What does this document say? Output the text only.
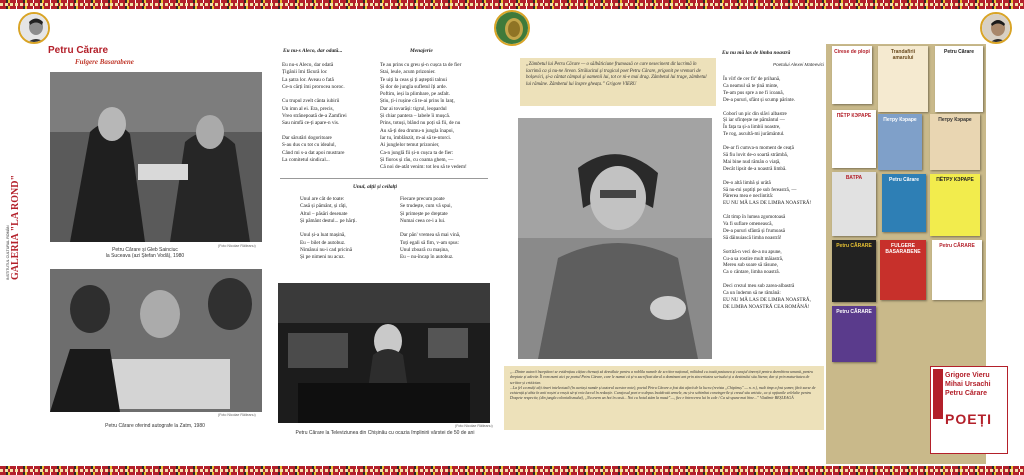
INSTITUTUL CULTURAL ROMÂN GALERIA "LA ROND"
Petru Cărare
Fulgere Basarabene
(Foto Nicolae Răileanu)
Petru Cărare și Gleb Sainciuc
la Suceava (azi Ștefan Vodă), 1980
(Foto Nicolae Răileanu)
Petru Cărare oferind autografe la Zatm, 1980
Eu nu-s Aleco, dar odată...
Eu nu-s Aleco, dar odată
Țigănii îmi făcură loc
La șatra lor. Aveau o fată
Ce-n cărți îmi prorocea noroc.

Cu trupul zvelt cânta iubirii
Un imn al ei. Era, precis,
Vreo strănepoată de-a Zamfirei
Sau nimfă ce-ți apare-n vis.

Dar sărutări dogoritoare
S-au dus cu tot cu idealul,
Când mi s-a dat apoi mustrare
La comitetul sindical...
Menajerie
Te au prins cu greu și-n cușca ta de fier
Stai, leule, acum prizonier.
Te uiți la ceas și ți așteptii talnui
Și dor de jungla sufletul îți arde.
Poftim, ieși la plimbare, pe asfalt.
Știu, ți-i rușine că te-ai prins în lanț,
Dar ai tovarăși: tigrul, leopardul
Și chiar pantera – labele îi mușcă.
Prins, totuși, blând nu poți să fii, de nu
Au să-ți dea drumu-n jungla înapoi,
Iar tu, îmblânzit, m-ai să te-ntorci.
Ai junglelor temut prizonier,
Ca-n junglă fii și-n cușca ta de fier:
Și fioros și rău, cu coama ghem, —
Că noi de-atât venim: tot leu să te vedem!
Unul, alții și ceilalți
Unul are cât de toate:
Casă și pământ, și răți,
Altul – păsări desenate
Și pământ destul... pe hărți.

Unul și-a luat mașină,
Eu – bilet de autobuz.
Nimănui nu-i cad pricină
Și pe nimeni nu acuz.
Fiecare precum poate
Se trudește, cum vă spui,
Și primește pe dreptate
Numai ceea ce-i a lui.

Dar păn' vremea să mai vină,
Toți egali să fim, v-am spus:
Unul zboară cu mașina,
Eu – nu-încap în autobuz.
(Foto Nicolae Răileanu)
Petru Cărare la Televiziunea din Chișinău cu ocazia împlinirii vârstei de 50 de ani
„Zâmbetul lui Petru Cărare — o sălbăticiune frumoasă ce care nesecinent dit lacrimă în lacrimă ca și nu-ne lireon. Strălucitul și tragicul poet Petru Cărare, prigonit pe vremuri de bolșevici, și-a cântat câmpul și oamenii lui, tot ce ni-e mai drag. Zâmbetul lui trage, zâmbetul lui rămâne. Zâmbetul lui înspre gheața.” Grigore VIERU
Eu nu mă las de limba noastră
Poetului Alexei Mateevici
În vîrf de cer fir' de prihană,
Ca neamul să te țină minte,
Te-am pus spre a ne fi icoană,
De-a pururi, sfânt și scump părinte.

Coborî un pic din slăvi albastre
Și iar sfințește ne pământul —
În fața ta și-a limbii noastre,
Te rog, ascultă-mi jurământul.

De-ar fi cumva-n moment de ceață
Să fiu lovit de-o soartă strâmbă,
Mai bine nud rămân o viață,
Decât lipsit de-a noastră limbă.

De-o altă limbă și urâtă
Să nu-mi șoptiți pe sub fereastră, —
Părerea mea e neclintită:
EU NU MĂ LAS DE LIMBA NOASTRĂ!

Cât timp în lumea zgomotoasă
Va fi suflare omenească,
De-a pururi sfântă și frumoasă
Să dăinuiască limba noastră!

Sortită-n veci de-a nu apune,
Cu-a sa rostire mult măiastră,
Mereu sub soare să răsune,
Ca o cântare, limba noastră.

Deci crezul meu sub zarea-albastră
Ca un îndemn să ne rămână:
EU NU MĂ LAS DE LIMBA NOASTRĂ,
DE LIMBA NOASTRĂ CEA ROMÂNĂ!
„...Dintre autorii începători se evidențiau câțiva chemați să dezvăluie pentru a noblila numele de scriitor național, militând cu toată pasiunea și curajul tinereții pentru dezrobirea umană, pentru dreptate și adevăr. Îl vom numi aici pe poetul Petru Cărare, care le numai că și-a sacrificat darul a dominant ant prin sinceritatea scrisului și a destinului său literar, dar și prin maturitatea de scriitor și crtitician.
...La fel ca mulți alți tineri intelectuali (în aceiași număr și autorul acestor note), poetul Petru Cărare a fost dat afară de la lucru (revista „Chipăruș" — n. n.), mult timp a fost șomer, fără surse de existență și abia în anii noștri a reușit să-și reia lucrul în redacție. Curajosul poet n-a depus încădrată armele, nu și-a schimbat convingerile și crezul său artistic, ca și opțiunile celelalte pentru Dospete respectiv, (din jungla colonialismului), „Nu avem un hot în casă... Noi cu hotul stăm la masă”—, fiec e întrecerea lui în cale / Ca să spune mai bine...” Vladimir BEȘLEAGĂ
Cirese de plopi	Trandafirii amarului
Petru Cărare
ПЁТР КЭРАРЕ
Петру Кэраре	Петру Кэраре
ВАТРА	Petru Cărare	ПЁТРУ КЭРАРЕ
Petru CĂRARE	FULGERE BASARABENE
Petru CĂRARE
Petru CĂRARE
Grigore Vieru
Mihai Ursachi
Petru Cărare
POEȚI
